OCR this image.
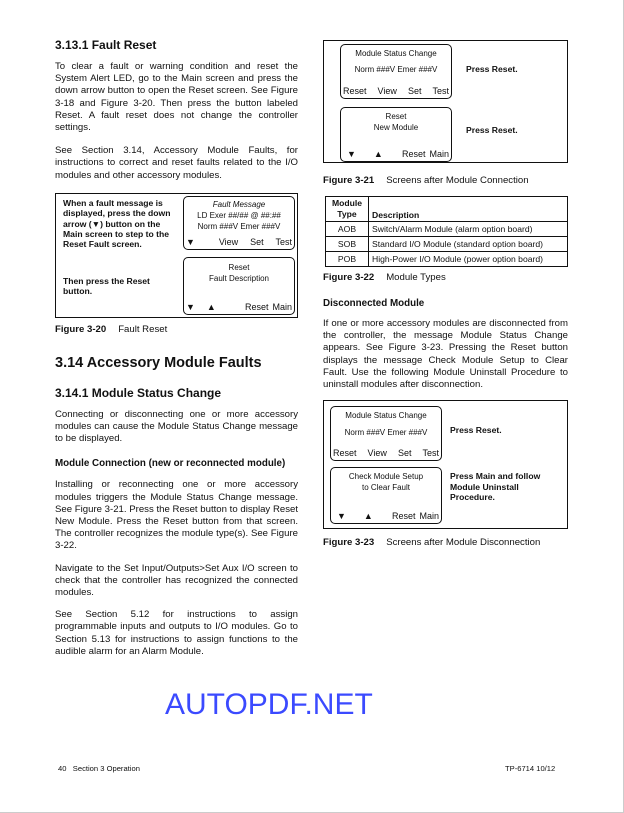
3.13.1 Fault Reset
To clear a fault or warning condition and reset the System Alert LED, go to the Main screen and press the down arrow button to open the Reset screen. See Figure 3-18 and Figure 3-20. Then press the button labeled Reset. A fault reset does not change the controller settings.
See Section 3.14, Accessory Module Faults, for instructions to correct and reset faults related to the I/O modules and other accessory modules.
When a fault message is displayed, press the down arrow (▼) button on the Main screen to step to the Reset Fault screen.
Then press the Reset button.
Fault Message
LD Exer ##/## @ ##:##
Norm ###V Emer ###V
▼	View Set Test
Reset
Fault Description
▼ ▲	Reset Main
Figure 3-20 Fault Reset
3.14 Accessory Module Faults
3.14.1 Module Status Change
Connecting or disconnecting one or more accessory modules can cause the Module Status Change message to be displayed.
Module Connection (new or reconnected module)
Installing or reconnecting one or more accessory modules triggers the Module Status Change message. See Figure 3-21. Press the Reset button to display Reset New Module. Press the Reset button from that screen. The controller recognizes the module type(s). See Figure 3-22.
Navigate to the Set Input/Outputs>Set Aux I/O screen to check that the controller has recognized the connected modules.
See Section 5.12 for instructions to assign programmable inputs and outputs to I/O modules. Go to Section 5.13 for instructions to assign functions to the audible alarm for an Alarm Module.
Module Status Change
Norm ###V Emer ###V
Reset View Set Test
Press Reset.
Reset
New Module
▼ ▲ Reset Main
Press Reset.
Figure 3-21 Screens after Module Connection
Module Type	Description
AOB	Switch/Alarm Module (alarm option board)
SOB	Standard I/O Module (standard option board)
POB	High-Power I/O Module (power option board)
Figure 3-22 Module Types
Disconnected Module
If one or more accessory modules are disconnected from the controller, the message Module Status Change appears. See Figure 3-23. Pressing the Reset button displays the message Check Module Setup to Clear Fault. Use the following Module Uninstall Procedure to uninstall modules after disconnection.
Module Status Change
Norm ###V Emer ###V
Reset View Set Test
Press Reset.
Check Module Setup
to Clear Fault
▼ ▲ Reset Main
Press Main and follow Module Uninstall Procedure.
Figure 3-23 Screens after Module Disconnection
AUTOPDF.NET
40 Section 3 Operation	TP-6714 10/12
